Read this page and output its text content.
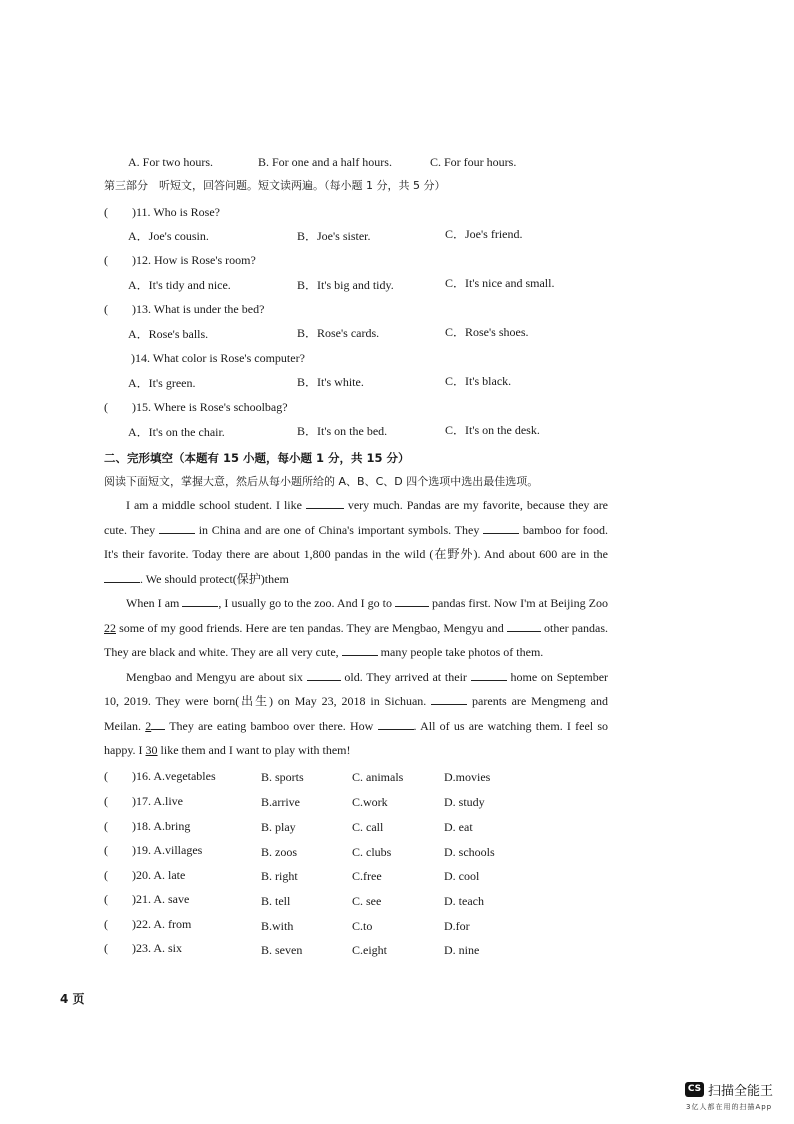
A. For two hours.	B. For one and a half hours.	C. For four hours.
第三部分　听短文，回答问题。短文读两遍。（每小题 1 分，共 5 分）
(　　)11. Who is Rose?
A．Joe's cousin.	B．Joe's sister.	C．Joe's friend.
(　　)12. How is Rose's room?
A．It's tidy and nice.	B．It's big and tidy.	C．It's nice and small.
(　　)13. What is under the bed?
A．Rose's balls.	B．Rose's cards.	C．Rose's shoes.
)14. What color is Rose's computer?
A．It's green.	B．It's white.	C．It's black.
(　　)15. Where is Rose's schoolbag?
A．It's on the chair.	B．It's on the bed.	C．It's on the desk.
二、完形填空（本题有 15 小题，每小题 1 分，共 15 分）
阅读下面短文，掌握大意，然后从每小题所给的 A、B、C、D 四个选项中选出最佳选项。

I am a middle school student. I like	very much. Pandas are my favorite, because they are cute. They	in China and are one of China's important symbols. They	bamboo for food. It's their favorite. Today there are about 1,800 pandas in the wild (在野外). And about 600 are in the . We should protect(保护)them

When I am	, I usually go to the zoo. And I go to	pandas first. Now I'm at Beijing Zoo 22 some of my good friends. Here are ten pandas. They are Mengbao, Mengyu and	other pandas. They are black and white. They are all very cute,	many people take photos of them.

Mengbao and Mengyu are about six	old. They arrived at their	home on September 10, 2019. They were born(出生) on May 23, 2018 in Sichuan.	parents are Mengmeng and Meilan. 2 They are eating bamboo over there. How	. All of us are watching them. I feel so happy. I 30 like them and I want to play with them!

(　　)16. A.vegetables	B. sports	C. animals	D.movies
(　　)17. A.live	B.arrive	C.work	D. study
(　　)18. A.bring	B. play	C. call	D. eat
(　　)19. A.villages	B. zoos	C. clubs	D. schools
(　　)20. A. late	B. right	C.free	D. cool
(　　)21. A. save	B. tell	C. see	D. teach
(　　)22. A. from	B.with	C.to	D.for
(　　)23. A. six	B. seven	C.eight	D. nine
4 页
CS 扫描全能王
3亿人都在用的扫描App
